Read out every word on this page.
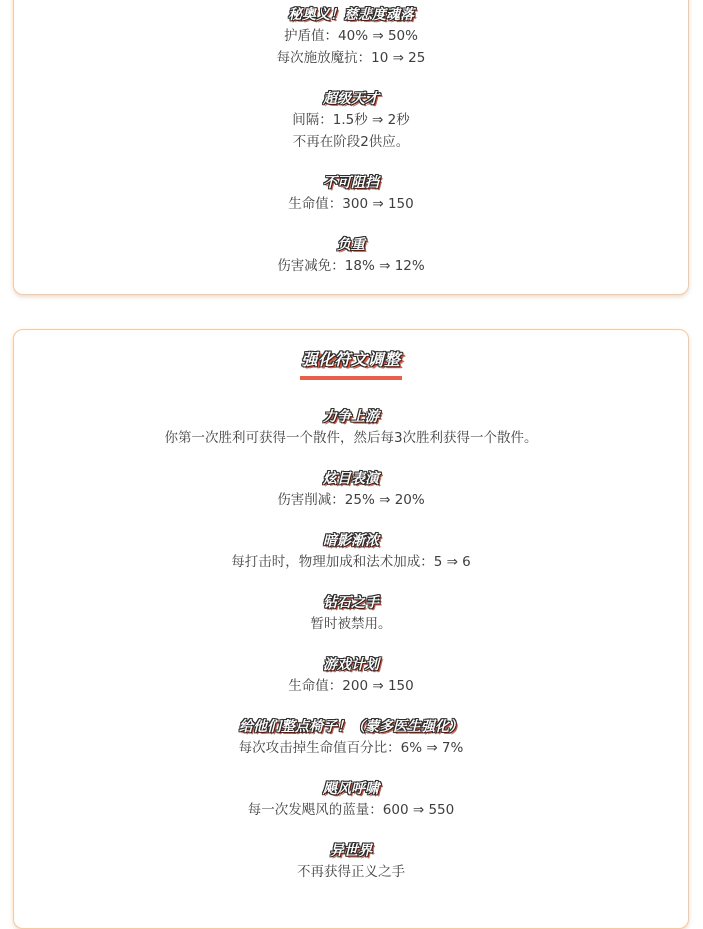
秘奥义！慈悲度魂落
护盾值：40% ⇒ 50%
每次施放魔抗：10 ⇒ 25
超级天才
间隔：1.5秒 ⇒ 2秒
不再在阶段2供应。
不可阻挡
生命值：300 ⇒ 150
负重
伤害减免：18% ⇒ 12%
强化符文调整
力争上游
你第一次胜利可获得一个散件，然后每3次胜利获得一个散件。
炫目表演
伤害削减：25% ⇒ 20%
暗影渐浓
每打击时，物理加成和法术加成：5 ⇒ 6
钻石之手
暂时被禁用。
游戏计划
生命值：200 ⇒ 150
给他们整点椅子！（蒙多医生强化）
每次攻击掉生命值百分比：6% ⇒ 7%
飓风呼啸
每一次发飓风的蓝量：600 ⇒ 550
异世界
不再获得正义之手
